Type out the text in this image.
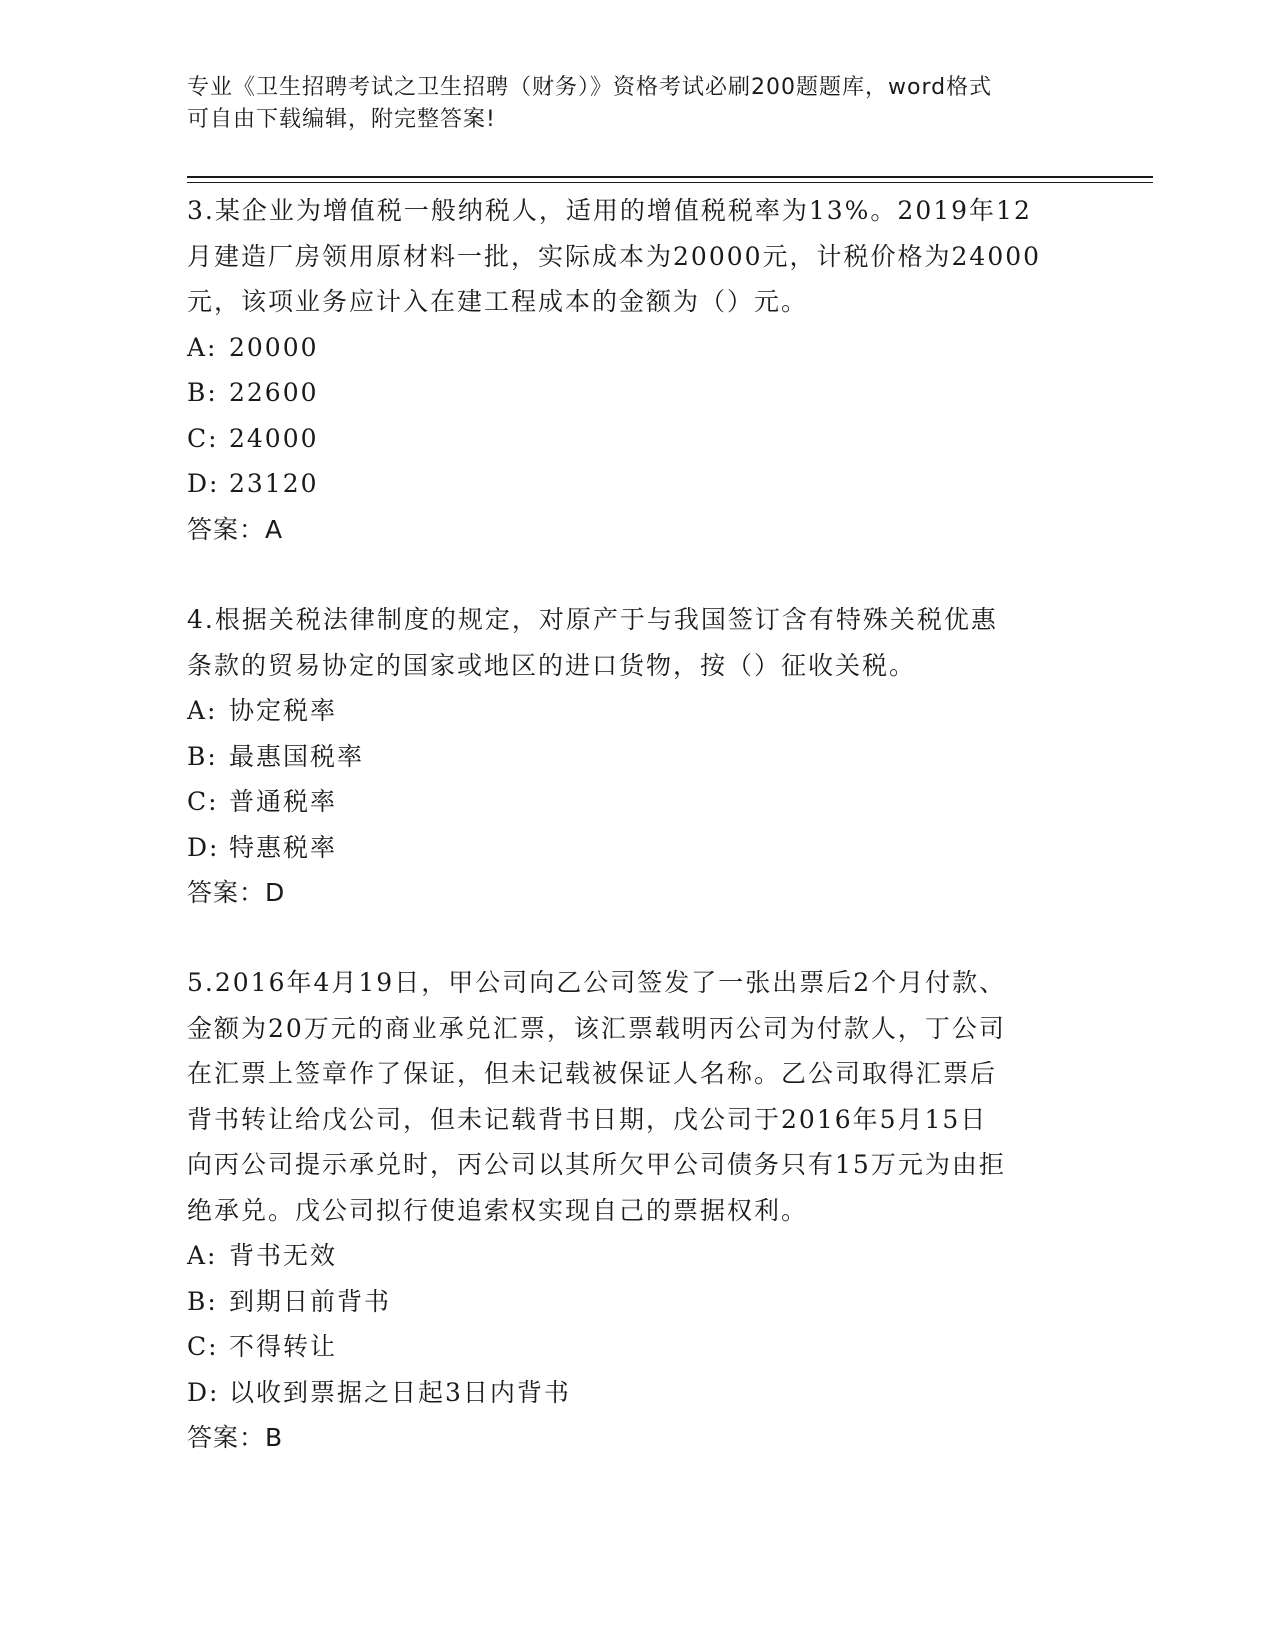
专业《卫生招聘考试之卫生招聘（财务）》资格考试必刷200题题库，word格式
可自由下载编辑，附完整答案!
3.某企业为增值税一般纳税人，适用的增值税税率为13%。2019年12
月建造厂房领用原材料一批，实际成本为20000元，计税价格为24000
元，该项业务应计入在建工程成本的金额为（）元。
A: 20000
B: 22600
C: 24000
D: 23120
答案：A
4.根据关税法律制度的规定，对原产于与我国签订含有特殊关税优惠
条款的贸易协定的国家或地区的进口货物，按（）征收关税。
A: 协定税率
B: 最惠国税率
C: 普通税率
D: 特惠税率
答案：D
5.2016年4月19日，甲公司向乙公司签发了一张出票后2个月付款、
金额为20万元的商业承兑汇票，该汇票载明丙公司为付款人，丁公司
在汇票上签章作了保证，但未记载被保证人名称。乙公司取得汇票后
背书转让给戊公司，但未记载背书日期，戊公司于2016年5月15日
向丙公司提示承兑时，丙公司以其所欠甲公司债务只有15万元为由拒
绝承兑。戊公司拟行使追索权实现自己的票据权利。
A: 背书无效
B: 到期日前背书
C: 不得转让
D: 以收到票据之日起3日内背书
答案：B
